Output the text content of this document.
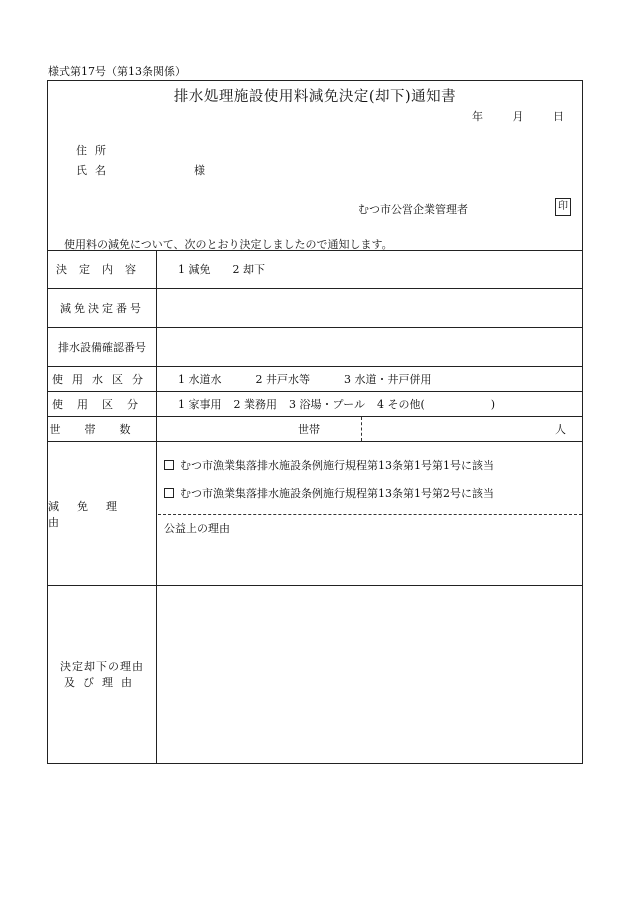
様式第17号（第13条関係）
排水処理施設使用料減免決定(却下)通知書
年	月	日
住所
氏名	様
むつ市公営企業管理者	印
使用料の減免について、次のとおり決定しましたので通知します。
決定内容	1 減免 2 却下
減免決定番号
排水設備確認番号
使用水区分	1 水道水	2 井戸水等	3 水道・井戸併用
使用区分	1 家事用 2 業務用 3 浴場・プール 4 その他(　　　　　　)
世帯数	世帯	人
減免理由
むつ市漁業集落排水施設条例施行規程第13条第1号第1号に該当
むつ市漁業集落排水施設条例施行規程第13条第1号第2号に該当
公益上の理由
決定却下の理由
及び理由
